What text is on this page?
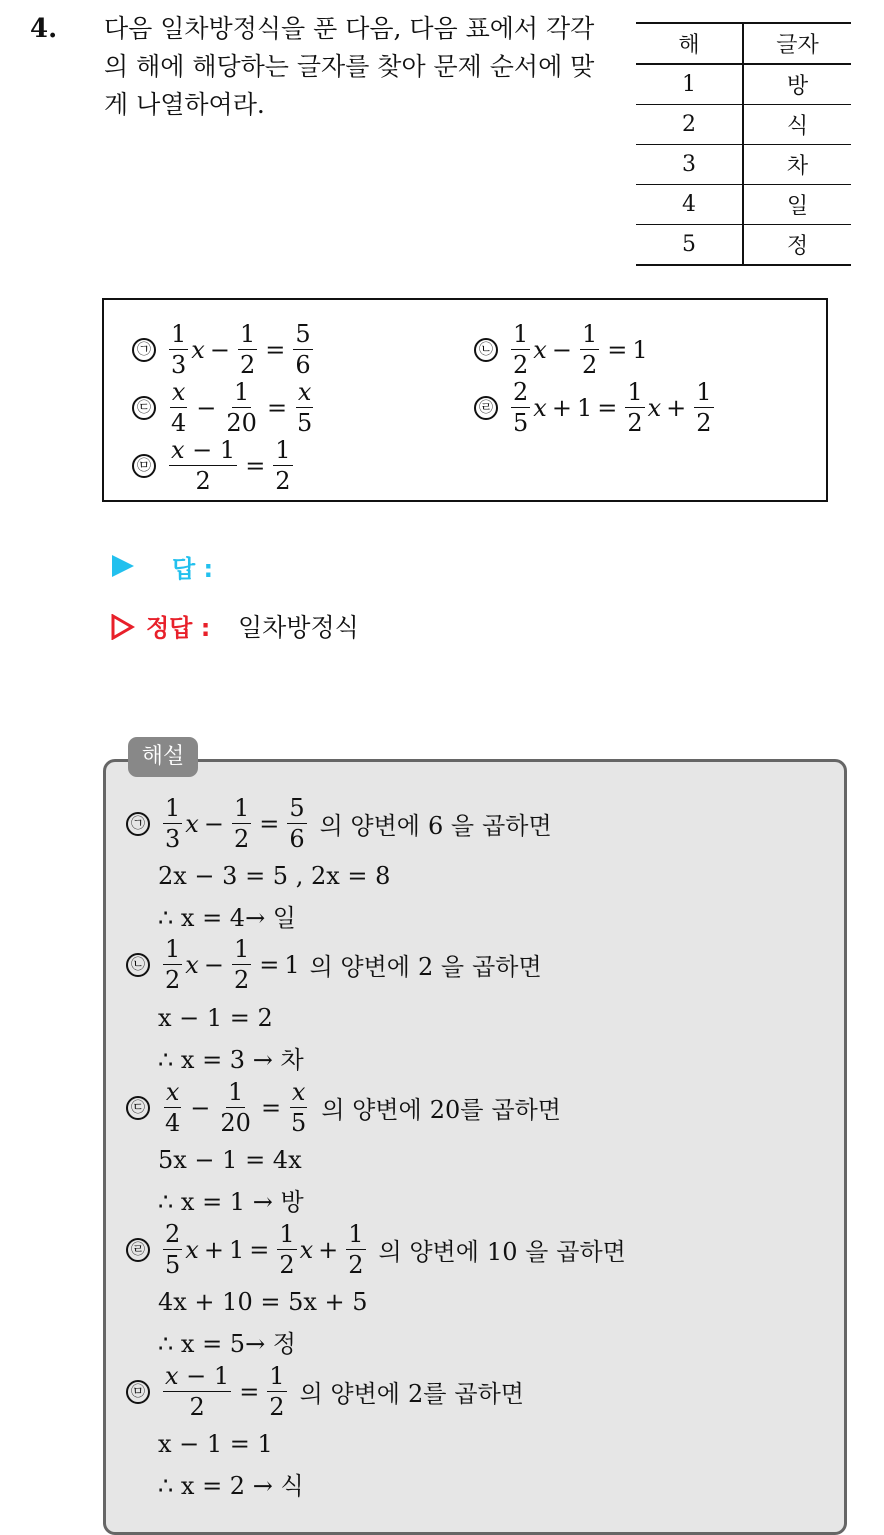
4. 다음 일차방정식을 푼 다음, 다음 표에서 각각의 해에 해당하는 글자를 찾아 문제 순서에 맞게 나열하여라.
해	글자
1	방
2	식
3	차
4	일
5	정
㉠ $\frac{1}{3}$ $x - \frac{1}{2} = \frac{5}{6}$	㉡ $\frac{1}{2}$ $x - \frac{1}{2} = 1$
㉢ $\frac{x}{4} - \frac{1}{20} = \frac{x}{5}$	㉣ $\frac{2}{5}$ $x + 1 = \frac{1}{2}$ $x + \frac{1}{2}$
㉤ $\frac{x - 1}{2} = \frac{1}{2}$
답 :
정답 : 일차방정식
해설
㉠ $\frac{1}{3}$ $x - \frac{1}{2} = \frac{5}{6}$ 의 양변에 6 을 곱하면
2x − 3 = 5 , 2x = 8
∴ x = 4→ 일
㉡ $\frac{1}{2}$ $x - \frac{1}{2} = 1$ 의 양변에 2 을 곱하면
x − 1 = 2
∴ x = 3 → 차
㉢ $\frac{x}{4} - \frac{1}{20} = \frac{x}{5}$ 의 양변에 20를 곱하면
5x − 1 = 4x
∴ x = 1 → 방
㉣ $\frac{2}{5}$ $x + 1 = \frac{1}{2}$ $x + \frac{1}{2}$ 의 양변에 10 을 곱하면
4x + 10 = 5x + 5
∴ x = 5→ 정
㉤ $\frac{x - 1}{2} = \frac{1}{2}$ 의 양변에 2를 곱하면
x − 1 = 1
∴ x = 2 → 식
